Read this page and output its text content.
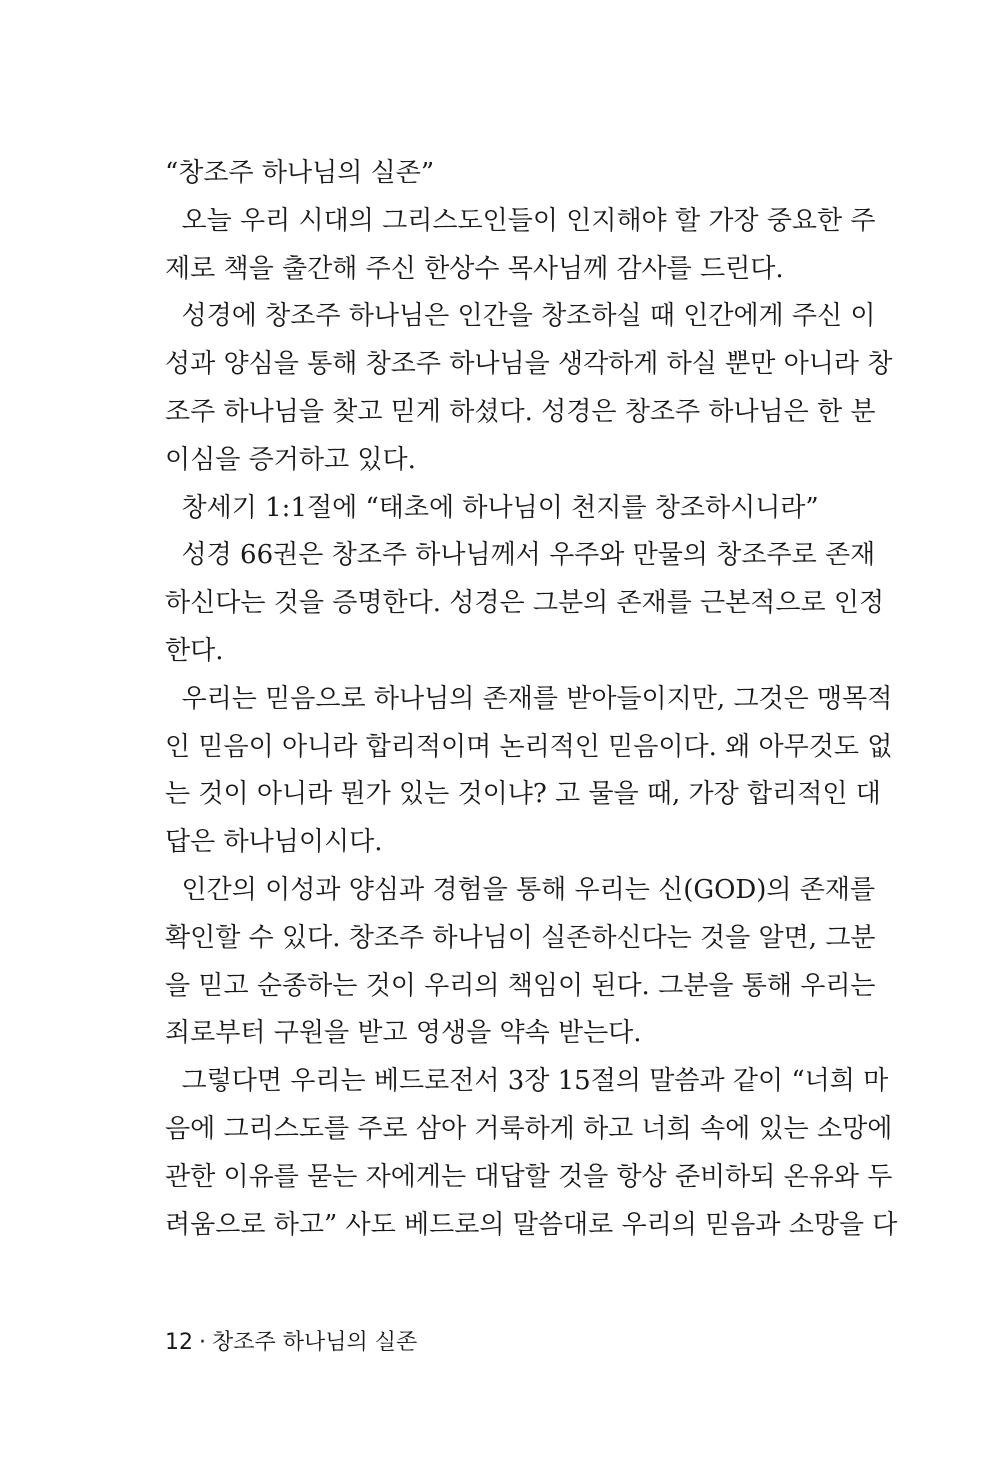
“창조주 하나님의 실존”
오늘 우리 시대의 그리스도인들이 인지해야 할 가장 중요한 주
제로 책을 출간해 주신 한상수 목사님께 감사를 드린다.
성경에 창조주 하나님은 인간을 창조하실 때 인간에게 주신 이
성과 양심을 통해 창조주 하나님을 생각하게 하실 뿐만 아니라 창
조주 하나님을 찾고 믿게 하셨다. 성경은 창조주 하나님은 한 분
이심을 증거하고 있다.
창세기 1:1절에 “태초에 하나님이 천지를 창조하시니라”
성경 66권은 창조주 하나님께서 우주와 만물의 창조주로 존재
하신다는 것을 증명한다. 성경은 그분의 존재를 근본적으로 인정
한다.
우리는 믿음으로 하나님의 존재를 받아들이지만, 그것은 맹목적
인 믿음이 아니라 합리적이며 논리적인 믿음이다. 왜 아무것도 없
는 것이 아니라 뭔가 있는 것이냐? 고 물을 때, 가장 합리적인 대
답은 하나님이시다.
인간의 이성과 양심과 경험을 통해 우리는 신(GOD)의 존재를
확인할 수 있다. 창조주 하나님이 실존하신다는 것을 알면, 그분
을 믿고 순종하는 것이 우리의 책임이 된다. 그분을 통해 우리는
죄로부터 구원을 받고 영생을 약속 받는다.
그렇다면 우리는 베드로전서 3장 15절의 말씀과 같이 “너희 마
음에 그리스도를 주로 삼아 거룩하게 하고 너희 속에 있는 소망에
관한 이유를 묻는 자에게는 대답할 것을 항상 준비하되 온유와 두
려움으로 하고” 사도 베드로의 말씀대로 우리의 믿음과 소망을 다
12 · 창조주 하나님의 실존
